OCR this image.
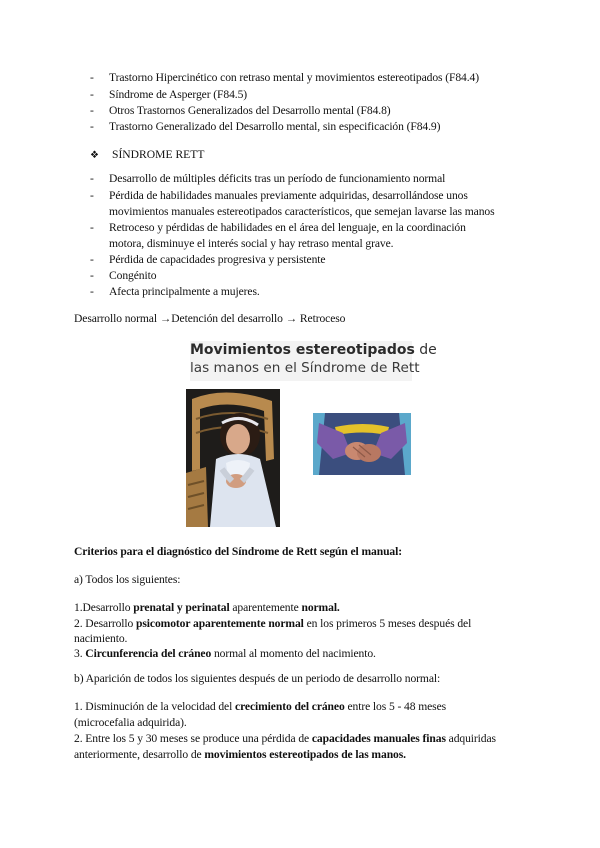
- Trastorno Hipercinético con retraso mental y movimientos estereotipados (F84.4)
- Síndrome de Asperger (F84.5)
- Otros Trastornos Generalizados del Desarrollo mental (F84.8)
- Trastorno Generalizado del Desarrollo mental, sin especificación (F84.9)
❖ SÍNDROME RETT
- Desarrollo de múltiples déficits tras un período de funcionamiento normal
- Pérdida de habilidades manuales previamente adquiridas, desarrollándose unos
movimientos manuales estereotipados característicos, que semejan lavarse las manos
- Retroceso y pérdidas de habilidades en el área del lenguaje, en la coordinación
motora, disminuye el interés social y hay retraso mental grave.
- Pérdida de capacidades progresiva y persistente
- Congénito
- Afecta principalmente a mujeres.
Desarrollo normal →Detención del desarrollo → Retroceso
Movimientos estereotipados de
las manos en el Síndrome de Rett
Criterios para el diagnóstico del Síndrome de Rett según el manual:
a) Todos los siguientes:
1.Desarrollo prenatal y perinatal aparentemente normal.
2. Desarrollo psicomotor aparentemente normal en los primeros 5 meses después del
nacimiento.
3. Circunferencia del cráneo normal al momento del nacimiento.
b) Aparición de todos los siguientes después de un periodo de desarrollo normal:
1. Disminución de la velocidad del crecimiento del cráneo entre los 5 - 48 meses
(microcefalia adquirida).
2. Entre los 5 y 30 meses se produce una pérdida de capacidades manuales finas adquiridas
anteriormente, desarrollo de movimientos estereotipados de las manos.
